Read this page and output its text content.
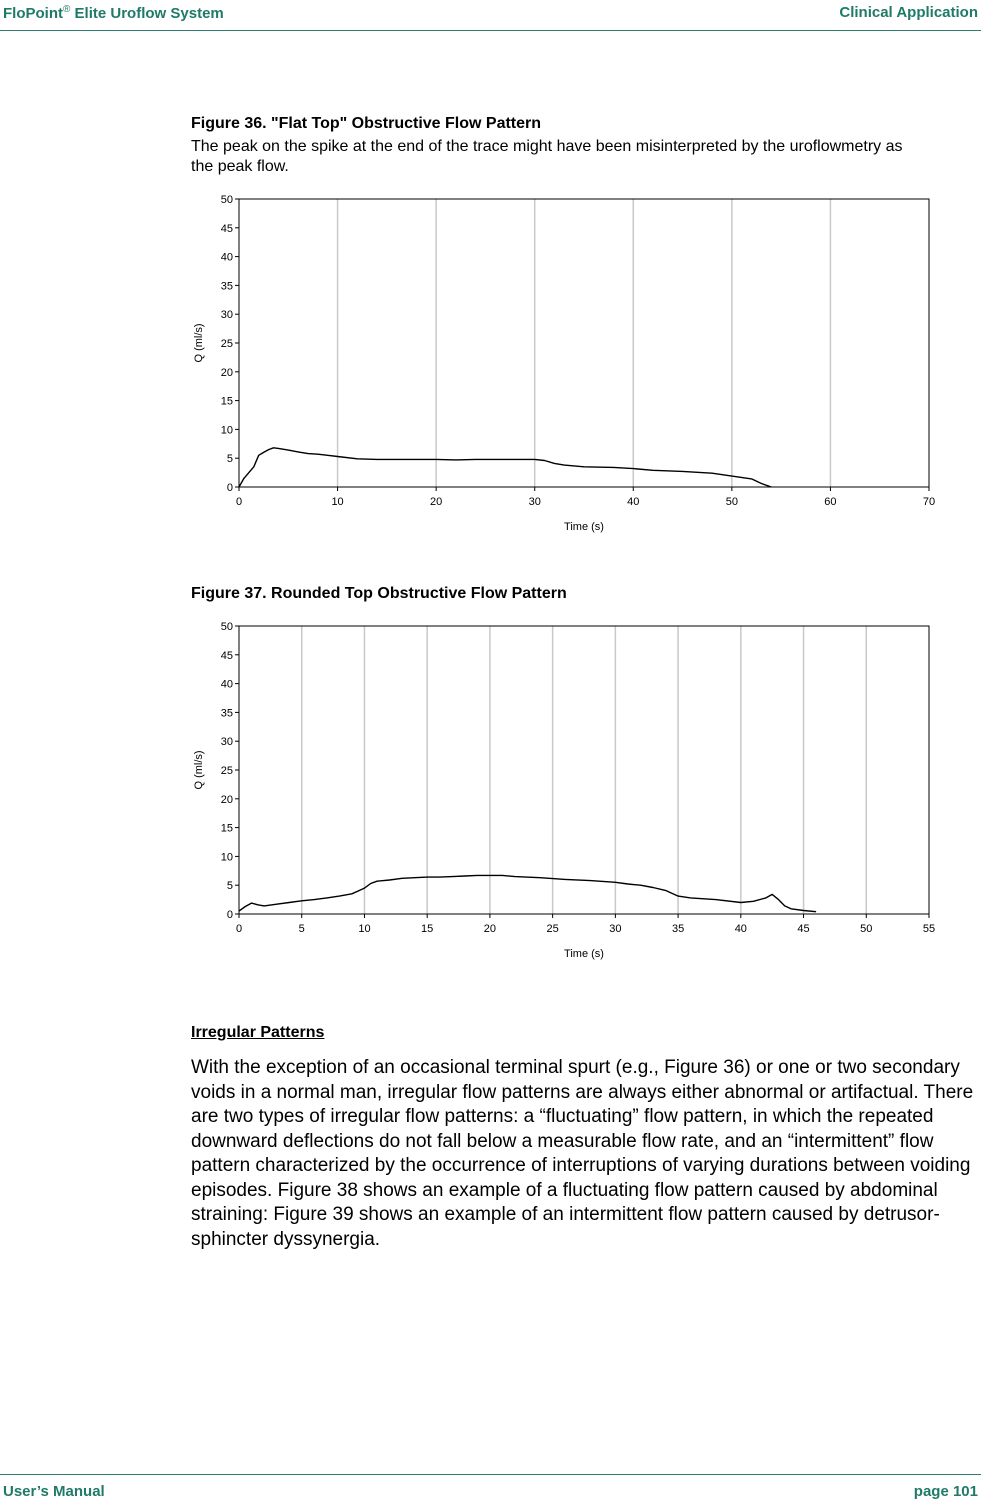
FloPoint® Elite Uroflow System	Clinical Application
Figure 36. "Flat Top" Obstructive Flow Pattern
The peak on the spike at the end of the trace might have been misinterpreted by the uroflowmetry as the peak flow.
0
5
10
15
20
25
30
35
40
45
50
0	10	20	30	40	50	60	70
Time (s)
Q (ml/s)
Figure 37. Rounded Top Obstructive Flow Pattern
0
5
10
15
20
25
30
35
40
45
50
0	5	10	15	20	25	30	35	40	45	50	55
Time (s)
Q (ml/s)
Irregular Patterns
With the exception of an occasional terminal spurt (e.g., Figure 36) or one or two secondary voids in a normal man, irregular flow patterns are always either abnormal or artifactual. There are two types of irregular flow patterns: a “fluctuating” flow pattern, in which the repeated downward deflections do not fall below a measurable flow rate, and an “intermittent” flow pattern characterized by the occurrence of interruptions of varying durations between voiding episodes. Figure 38 shows an example of a fluctuating flow pattern caused by abdominal straining: Figure 39 shows an example of an intermittent flow pattern caused by detrusor-sphincter dyssynergia.
User’s Manual	page 101
